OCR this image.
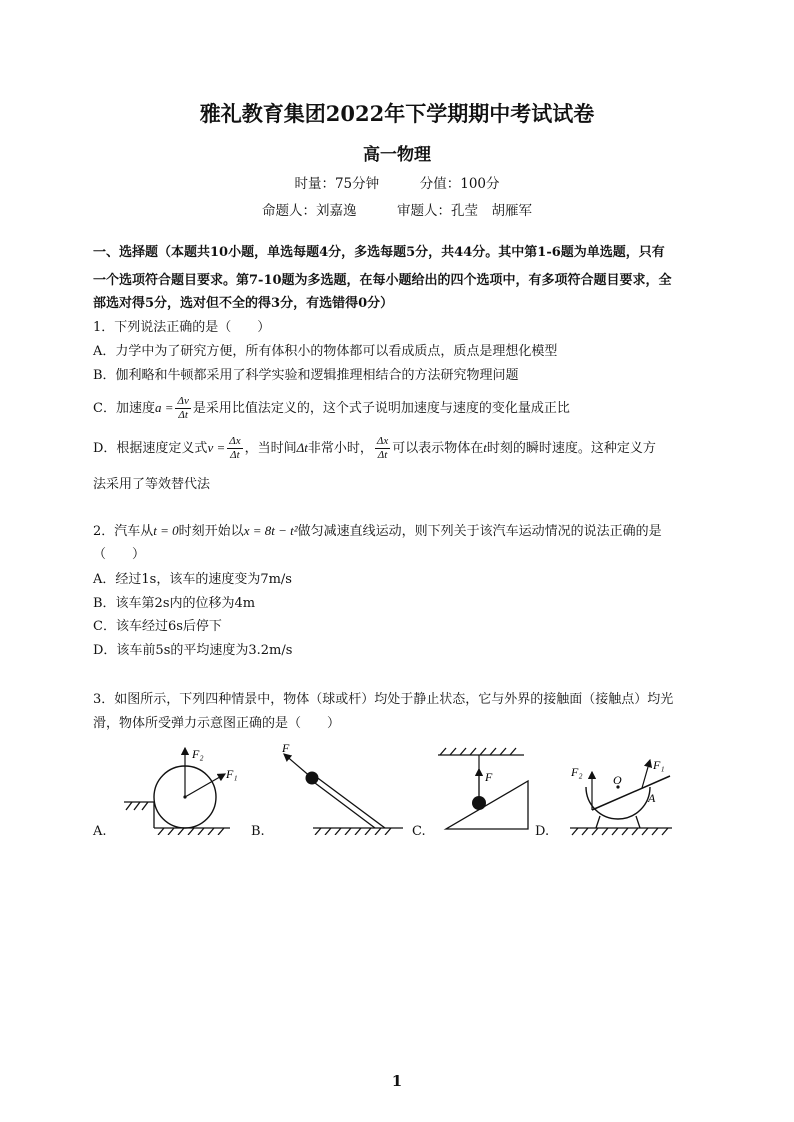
雅礼教育集团2022年下学期期中考试试卷
高一物理
时量：75分钟	分值：100分
命题人：刘嘉逸	审题人：孔莹　胡雁军
一、选择题（本题共10小题，单选每题4分，多选每题5分，共44分。其中第1-6题为单选题，只有
一个选项符合题目要求。第7-10题为多选题，在每小题给出的四个选项中，有多项符合题目要求，全
部选对得5分，选对但不全的得3分，有选错得0分）
1．下列说法正确的是（　　）
A．力学中为了研究方便，所有体积小的物体都可以看成质点，质点是理想化模型
B．伽利略和牛顿都采用了科学实验和逻辑推理相结合的方法研究物理问题
C．加速度$a = \frac{\Delta v}{\Delta t}$ 是采用比值法定义的，这个式子说明加速度与速度的变化量成正比
D．根据速度定义式$v = \frac{\Delta x}{\Delta t}$ ，当时间Δt非常小时， $\frac{\Delta x}{\Delta t}$ 可以表示物体在t时刻的瞬时速度。这种定义方
法采用了等效替代法
2．汽车从t = 0时刻开始以x = 8t − t²做匀减速直线运动，则下列关于该汽车运动情况的说法正确的是
（　　）
A．经过1s，该车的速度变为7m/s
B．该车第2s内的位移为4m
C．该车经过6s后停下
D．该车前5s的平均速度为3.2m/s
3．如图所示，下列四种情景中，物体（球或杆）均处于静止状态，它与外界的接触面（接触点）均光
滑，物体所受弹力示意图正确的是（　　）
A.	B.	C.	D.
F₂
F₁
F
F	F₂	F₁
O
A
1
